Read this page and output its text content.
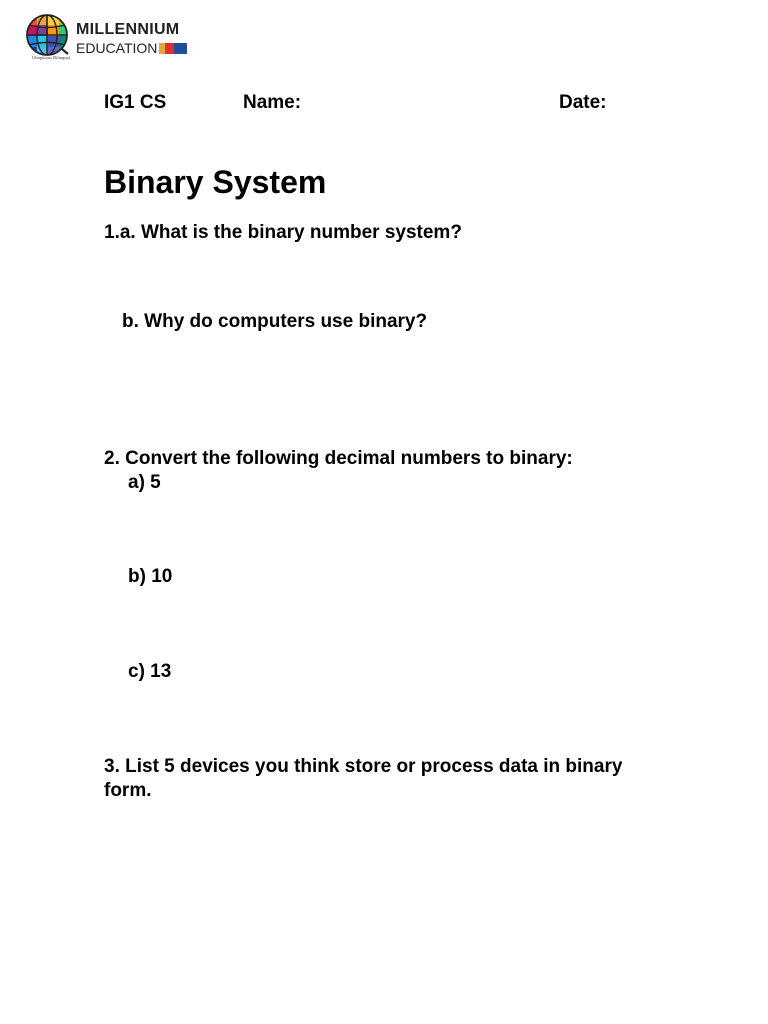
Ubiquitous Bilingual
MILLENNIUM
EDUCATION
IG1 CS	Name:	Date:
Binary System

1.a. What is the binary number system?

b. Why do computers use binary?

2. Convert the following decimal numbers to binary:

a) 5

b) 10

c) 13

3. List 5 devices you think store or process data in binary form.
